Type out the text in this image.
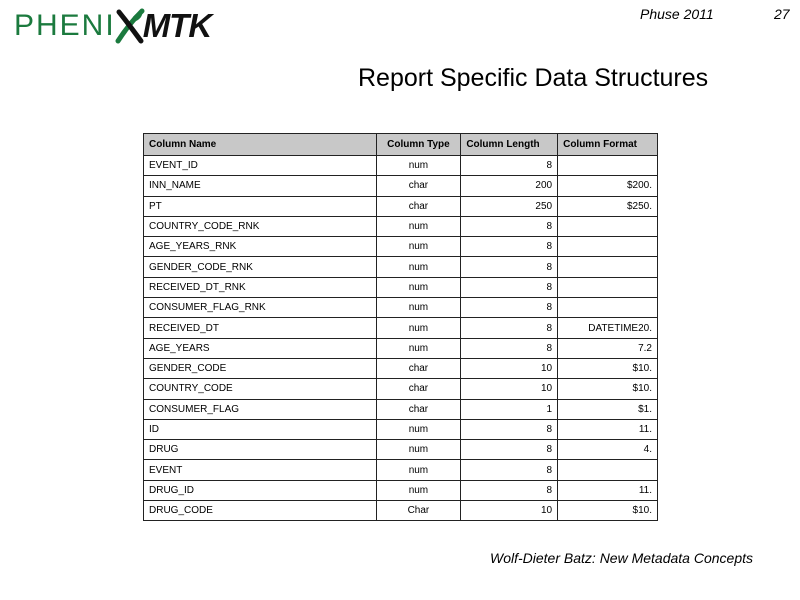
PHENI MTK	Phuse 2011	27
Report Specific Data Structures
Column Name	Column Type	Column Length	Column Format
EVENT_ID	num	8	
INN_NAME	char	200	$200.
PT	char	250	$250.
COUNTRY_CODE_RNK	num	8	
AGE_YEARS_RNK	num	8	
GENDER_CODE_RNK	num	8	
RECEIVED_DT_RNK	num	8	
CONSUMER_FLAG_RNK	num	8	
RECEIVED_DT	num	8	DATETIME20.
AGE_YEARS	num	8	7.2
GENDER_CODE	char	10	$10.
COUNTRY_CODE	char	10	$10.
CONSUMER_FLAG	char	1	$1.
ID	num	8	11.
DRUG	num	8	4.
EVENT	num	8	
DRUG_ID	num	8	11.
DRUG_CODE	Char	10	$10.
Wolf-Dieter Batz: New Metadata Concepts
